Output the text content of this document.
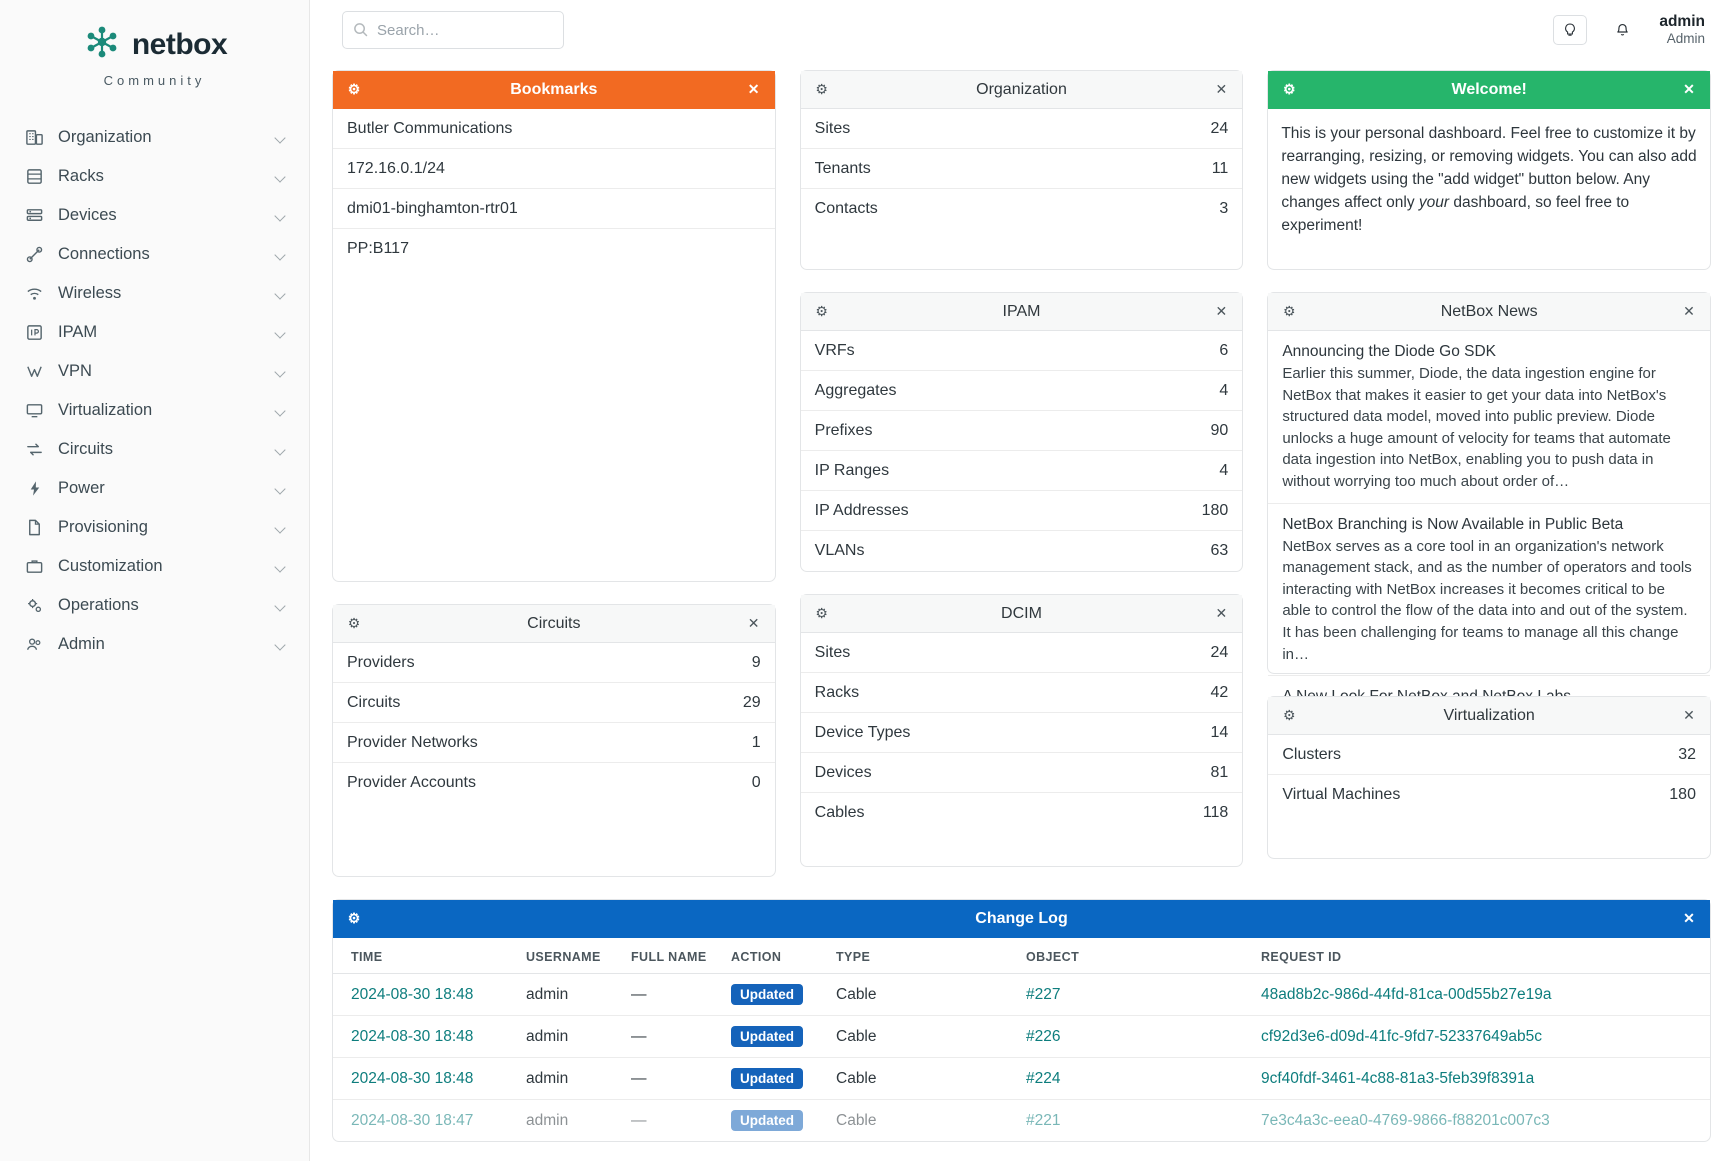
netbox
Community
Organization
Racks
Devices
Connections
Wireless
IPAM
VPN
Virtualization
Circuits
Power
Provisioning
Customization
Operations
Admin
Search…
admin
Admin
⚙	Bookmarks	✕
Butler Communications
172.16.0.1/24
dmi01-binghamton-rtr01
PP:B117
⚙	Circuits	✕
Providers	9
Circuits	29
Provider Networks	1
Provider Accounts	0
⚙	Organization	✕
Sites	24
Tenants	11
Contacts	3
⚙	IPAM	✕
VRFs	6
Aggregates	4
Prefixes	90
IP Ranges	4
IP Addresses	180
VLANs	63
⚙	DCIM	✕
Sites	24
Racks	42
Device Types	14
Devices	81
Cables	118
⚙	Welcome!	✕
This is your personal dashboard. Feel free to customize it by rearranging, resizing, or removing widgets. You can also add new widgets using the "add widget" button below. Any changes affect only your dashboard, so feel free to experiment!
⚙	NetBox News	✕
Announcing the Diode Go SDK
Earlier this summer, Diode, the data ingestion engine for NetBox that makes it easier to get your data into NetBox's structured data model, moved into public preview. Diode unlocks a huge amount of velocity for teams that automate data ingestion into NetBox, enabling you to push data in without worrying too much about order of…
NetBox Branching is Now Available in Public Beta
NetBox serves as a core tool in an organization's network management stack, and as the number of operators and tools interacting with NetBox increases it becomes critical to be able to control the flow of the data into and out of the system. It has been challenging for teams to manage all this change in…
⚙	Virtualization	✕
Clusters	32
Virtual Machines	180
⚙	Change Log	✕
TIME	USERNAME	FULL NAME	ACTION	TYPE	OBJECT	REQUEST ID
2024-08-30 18:48	admin	—	Updated	Cable	#227	48ad8b2c-986d-44fd-81ca-00d55b27e19a
2024-08-30 18:48	admin	—	Updated	Cable	#226	cf92d3e6-d09d-41fc-9fd7-52337649ab5c
2024-08-30 18:48	admin	—	Updated	Cable	#224	9cf40fdf-3461-4c88-81a3-5feb39f8391a
2024-08-30 18:47	admin	—	Updated	Cable	#221	7e3c4a3c-eea0-4769-9866-f88201c007c3
